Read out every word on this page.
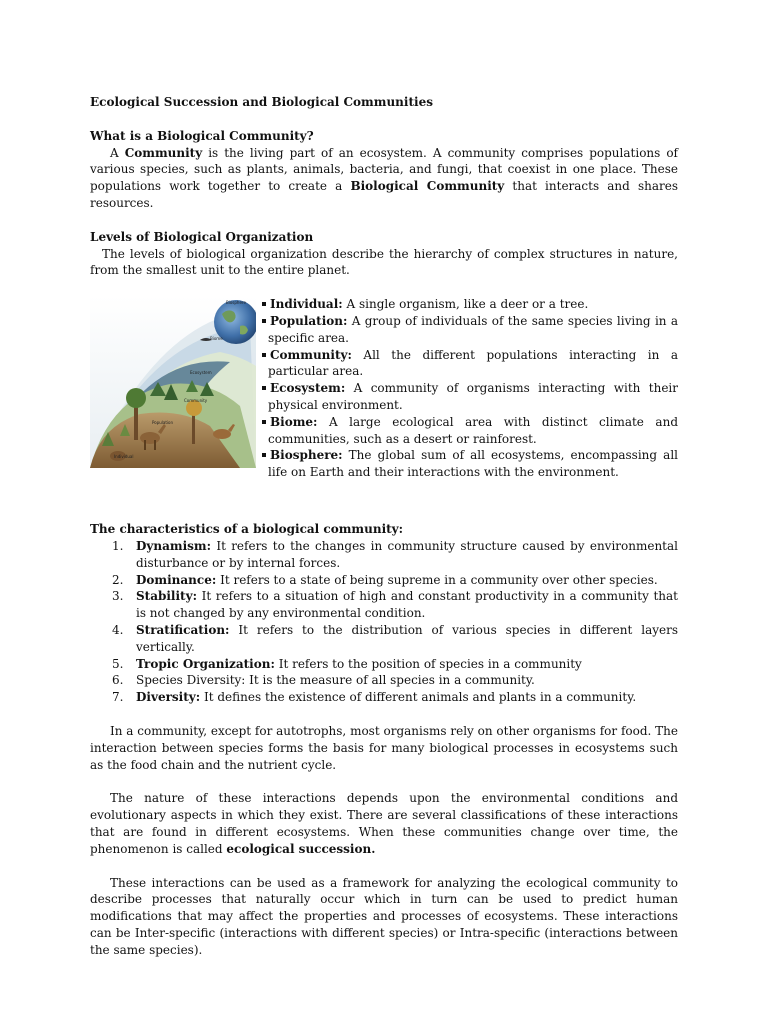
Ecological Succession and Biological Communities
What is a Biological Community?

A Community is the living part of an ecosystem. A community comprises populations of various species, such as plants, animals, bacteria, and fungi, that coexist in one place. These populations work together to create a Biological Community that interacts and shares resources.

Levels of Biological Organization

The levels of biological organization describe the hierarchy of complex structures in nature, from the smallest unit to the entire planet.

Biosphere
Biome
Ecosystem
Community
Population
Individual
Individual: A single organism, like a deer or a tree.
Population: A group of individuals of the same species living in a specific area.
Community: All the different populations interacting in a particular area.
Ecosystem: A community of organisms interacting with their physical environment.
Biome: A large ecological area with distinct climate and communities, such as a desert or rainforest.
Biosphere: The global sum of all ecosystems, encompassing all life on Earth and their interactions with the environment.
The characteristics of a biological community:
1. Dynamism: It refers to the changes in community structure caused by environmental disturbance or by internal forces.
2. Dominance: It refers to a state of being supreme in a community over other species.
3. Stability: It refers to a situation of high and constant productivity in a community that is not changed by any environmental condition.
4. Stratification: It refers to the distribution of various species in different layers vertically.
5. Tropic Organization: It refers to the position of species in a community
6. Species Diversity: It is the measure of all species in a community.
7. Diversity: It defines the existence of different animals and plants in a community.

In a community, except for autotrophs, most organisms rely on other organisms for food. The interaction between species forms the basis for many biological processes in ecosystems such as the food chain and the nutrient cycle.

The nature of these interactions depends upon the environmental conditions and evolutionary aspects in which they exist. There are several classifications of these interactions that are found in different ecosystems. When these communities change over time, the phenomenon is called ecological succession.

These interactions can be used as a framework for analyzing the ecological community to describe processes that naturally occur which in turn can be used to predict human modifications that may affect the properties and processes of ecosystems. These interactions can be Inter-specific (interactions with different species) or Intra-specific (interactions between the same species).
